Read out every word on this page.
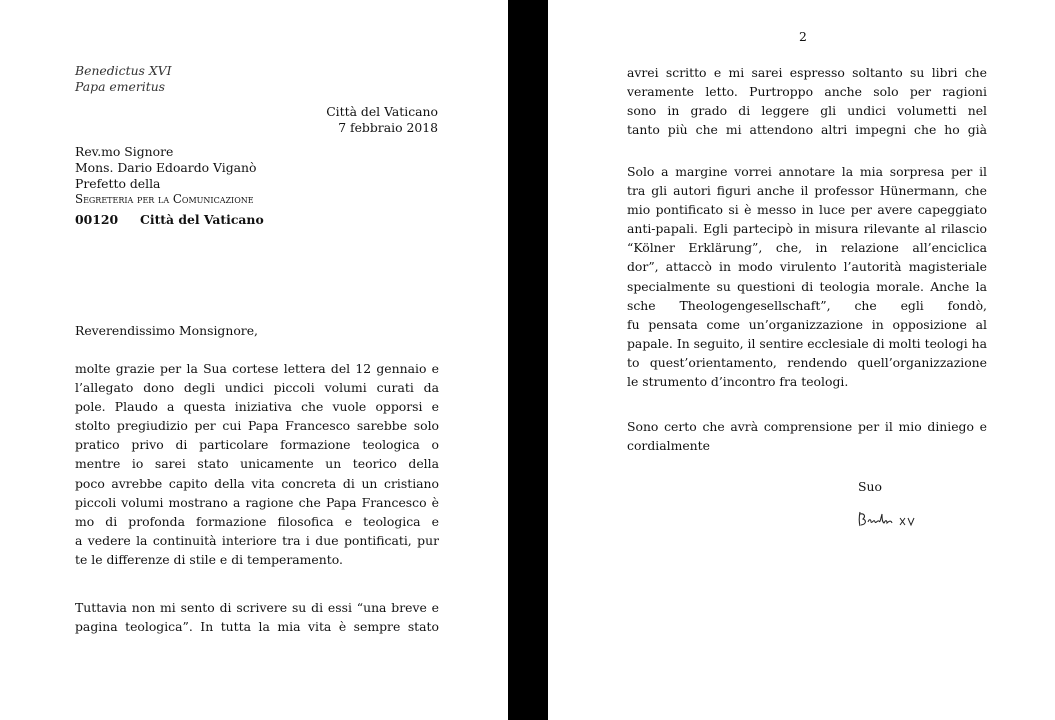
Benedictus XVI
Papa emeritus
Città del Vaticano
7 febbraio 2018
Rev.mo Signore
Mons. Dario Edoardo Viganò
Prefetto della
Segreteria per la Comunicazione
00120 Città del Vaticano
Reverendissimo Monsignore,
molte grazie per la Sua cortese lettera del 12 gennaio e
l’allegato dono degli undici piccoli volumi curati da
pole. Plaudo a questa iniziativa che vuole opporsi e
stolto pregiudizio per cui Papa Francesco sarebbe solo
pratico privo di particolare formazione teologica o
mentre io sarei stato unicamente un teorico della
poco avrebbe capito della vita concreta di un cristiano
piccoli volumi mostrano a ragione che Papa Francesco è
mo di profonda formazione filosofica e teologica e
a vedere la continuità interiore tra i due pontificati, pur
te le differenze di stile e di temperamento.
Tuttavia non mi sento di scrivere su di essi “una breve e
pagina teologica”. In tutta la mia vita è sempre stato
2
avrei scritto e mi sarei espresso soltanto su libri che
veramente letto. Purtroppo anche solo per ragioni
sono in grado di leggere gli undici volumetti nel
tanto più che mi attendono altri impegni che ho già
Solo a margine vorrei annotare la mia sorpresa per il
tra gli autori figuri anche il professor Hünermann, che
mio pontificato si è messo in luce per avere capeggiato
anti-papali. Egli partecipò in misura rilevante al rilascio
“Kölner Erklärung”, che, in relazione all’enciclica
dor”, attaccò in modo virulento l’autorità magisteriale
specialmente su questioni di teologia morale. Anche la
sche Theologengesellschaft”, che egli fondò,
fu pensata come un’organizzazione in opposizione al
papale. In seguito, il sentire ecclesiale di molti teologi ha
to quest’orientamento, rendendo quell’organizzazione
le strumento d’incontro fra teologi.
Sono certo che avrà comprensione per il mio diniego e
cordialmente
Suo
